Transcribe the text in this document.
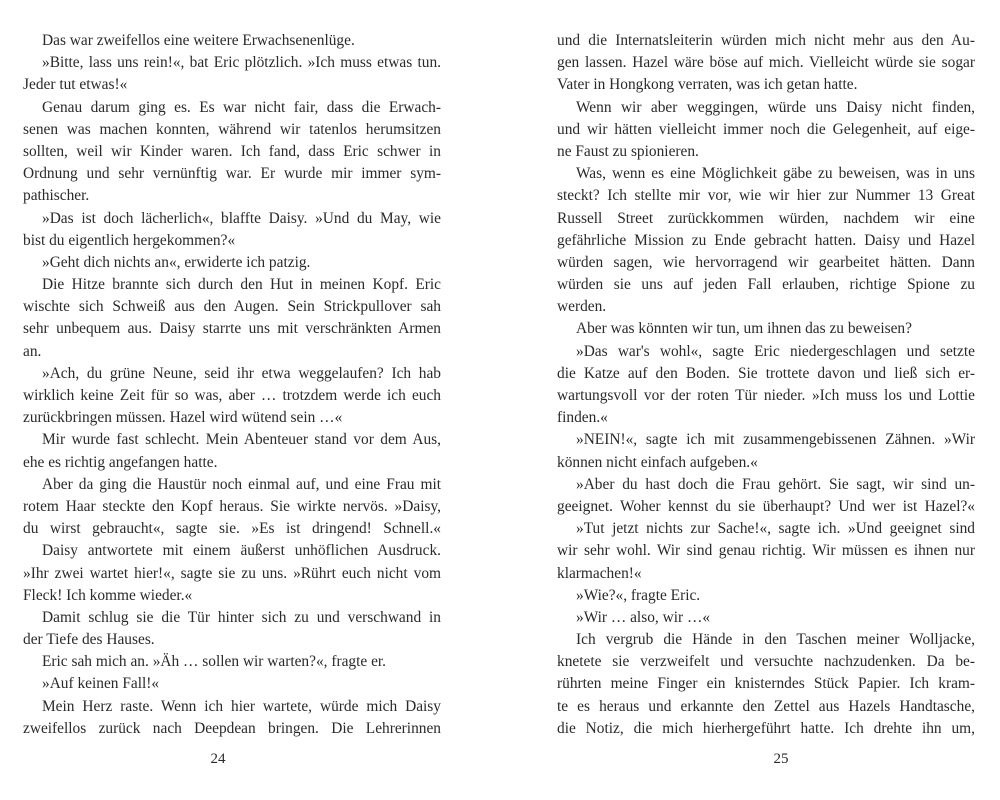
Das war zweifellos eine weitere Erwachsenenlüge.
»Bitte, lass uns rein!«, bat Eric plötzlich. »Ich muss etwas tun.
Jeder tut etwas!«
Genau darum ging es. Es war nicht fair, dass die Erwach-
senen was machen konnten, während wir tatenlos herumsitzen
sollten, weil wir Kinder waren. Ich fand, dass Eric schwer in
Ordnung und sehr vernünftig war. Er wurde mir immer sym-
pathischer.
»Das ist doch lächerlich«, blaffte Daisy. »Und du May, wie
bist du eigentlich hergekommen?«
»Geht dich nichts an«, erwiderte ich patzig.
Die Hitze brannte sich durch den Hut in meinen Kopf. Eric
wischte sich Schweiß aus den Augen. Sein Strickpullover sah
sehr unbequem aus. Daisy starrte uns mit verschränkten Armen
an.
»Ach, du grüne Neune, seid ihr etwa weggelaufen? Ich hab
wirklich keine Zeit für so was, aber … trotzdem werde ich euch
zurückbringen müssen. Hazel wird wütend sein …«
Mir wurde fast schlecht. Mein Abenteuer stand vor dem Aus,
ehe es richtig angefangen hatte.
Aber da ging die Haustür noch einmal auf, und eine Frau mit
rotem Haar steckte den Kopf heraus. Sie wirkte nervös. »Daisy,
du wirst gebraucht«, sagte sie. »Es ist dringend! Schnell.«
Daisy antwortete mit einem äußerst unhöflichen Ausdruck.
»Ihr zwei wartet hier!«, sagte sie zu uns. »Rührt euch nicht vom
Fleck! Ich komme wieder.«
Damit schlug sie die Tür hinter sich zu und verschwand in
der Tiefe des Hauses.
Eric sah mich an. »Äh … sollen wir warten?«, fragte er.
»Auf keinen Fall!«
Mein Herz raste. Wenn ich hier wartete, würde mich Daisy
zweifellos zurück nach Deepdean bringen. Die Lehrerinnen
24
und die Internatsleiterin würden mich nicht mehr aus den Au-
gen lassen. Hazel wäre böse auf mich. Vielleicht würde sie sogar
Vater in Hongkong verraten, was ich getan hatte.
Wenn wir aber weggingen, würde uns Daisy nicht finden,
und wir hätten vielleicht immer noch die Gelegenheit, auf eige-
ne Faust zu spionieren.
Was, wenn es eine Möglichkeit gäbe zu beweisen, was in uns
steckt? Ich stellte mir vor, wie wir hier zur Nummer 13 Great
Russell Street zurückkommen würden, nachdem wir eine
gefährliche Mission zu Ende gebracht hatten. Daisy und Hazel
würden sagen, wie hervorragend wir gearbeitet hätten. Dann
würden sie uns auf jeden Fall erlauben, richtige Spione zu
werden.
Aber was könnten wir tun, um ihnen das zu beweisen?
»Das war's wohl«, sagte Eric niedergeschlagen und setzte
die Katze auf den Boden. Sie trottete davon und ließ sich er-
wartungsvoll vor der roten Tür nieder. »Ich muss los und Lottie
finden.«
»NEIN!«, sagte ich mit zusammengebissenen Zähnen. »Wir
können nicht einfach aufgeben.«
»Aber du hast doch die Frau gehört. Sie sagt, wir sind un-
geeignet. Woher kennst du sie überhaupt? Und wer ist Hazel?«
»Tut jetzt nichts zur Sache!«, sagte ich. »Und geeignet sind
wir sehr wohl. Wir sind genau richtig. Wir müssen es ihnen nur
klarmachen!«
»Wie?«, fragte Eric.
»Wir … also, wir …«
Ich vergrub die Hände in den Taschen meiner Wolljacke,
knetete sie verzweifelt und versuchte nachzudenken. Da be-
rührten meine Finger ein knisterndes Stück Papier. Ich kram-
te es heraus und erkannte den Zettel aus Hazels Handtasche,
die Notiz, die mich hierhergeführt hatte. Ich drehte ihn um,
25
